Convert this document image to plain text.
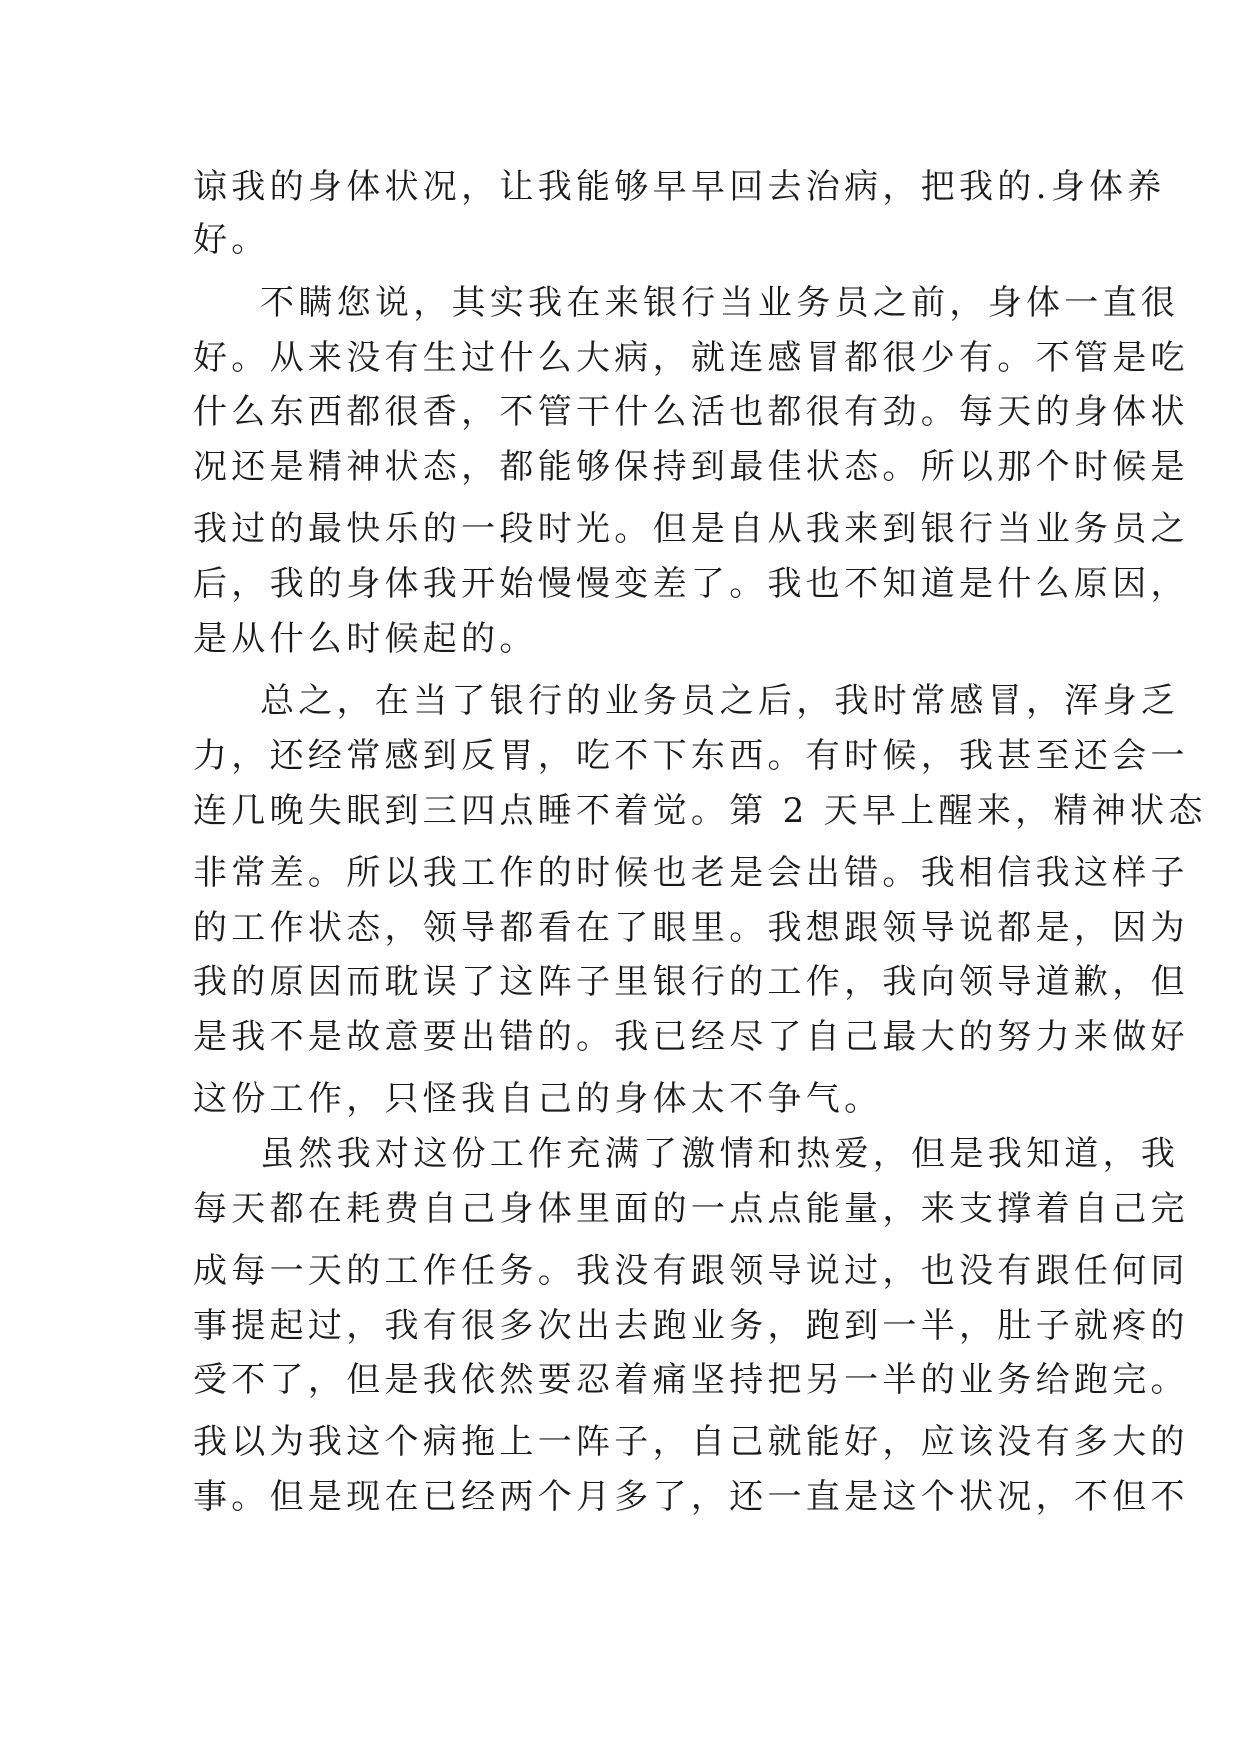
谅我的身体状况，让我能够早早回去治病，把我的.身体养
好。
不瞒您说，其实我在来银行当业务员之前，身体一直很
好。从来没有生过什么大病，就连感冒都很少有。不管是吃
什么东西都很香，不管干什么活也都很有劲。每天的身体状
况还是精神状态，都能够保持到最佳状态。所以那个时候是
我过的最快乐的一段时光。但是自从我来到银行当业务员之
后，我的身体我开始慢慢变差了。我也不知道是什么原因，
是从什么时候起的。
总之，在当了银行的业务员之后，我时常感冒，浑身乏
力，还经常感到反胃，吃不下东西。有时候，我甚至还会一
连几晚失眠到三四点睡不着觉。第 2 天早上醒来，精神状态
非常差。所以我工作的时候也老是会出错。我相信我这样子
的工作状态，领导都看在了眼里。我想跟领导说都是，因为
我的原因而耽误了这阵子里银行的工作，我向领导道歉，但
是我不是故意要出错的。我已经尽了自己最大的努力来做好
这份工作，只怪我自己的身体太不争气。
虽然我对这份工作充满了激情和热爱，但是我知道，我
每天都在耗费自己身体里面的一点点能量，来支撑着自己完
成每一天的工作任务。我没有跟领导说过，也没有跟任何同
事提起过，我有很多次出去跑业务，跑到一半，肚子就疼的
受不了，但是我依然要忍着痛坚持把另一半的业务给跑完。
我以为我这个病拖上一阵子，自己就能好，应该没有多大的
事。但是现在已经两个月多了，还一直是这个状况，不但不
